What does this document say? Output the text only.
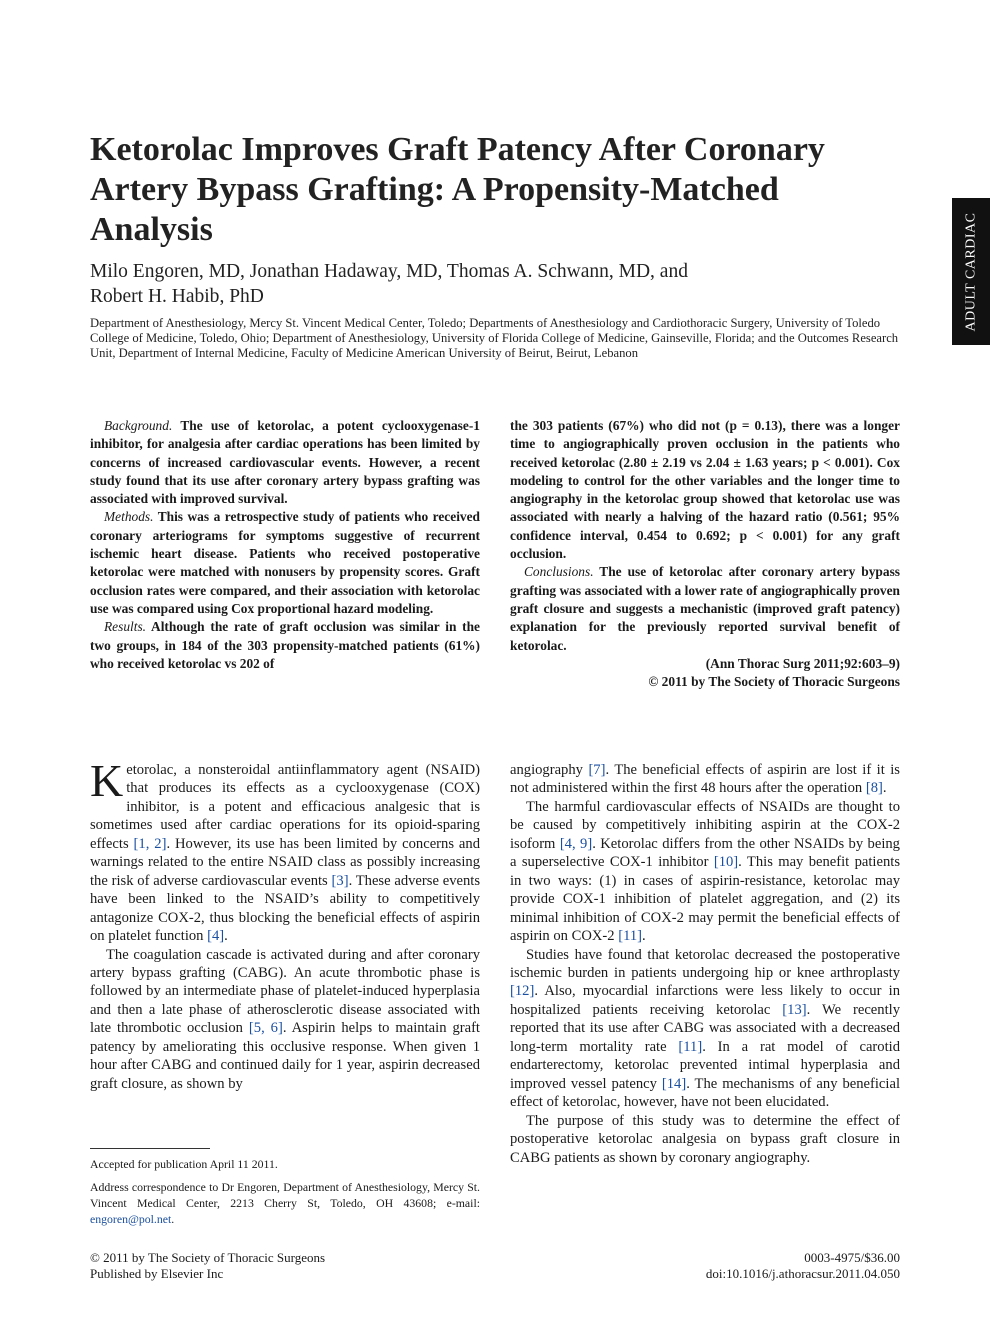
ADULT CARDIAC
Ketorolac Improves Graft Patency After Coronary Artery Bypass Grafting: A Propensity-Matched Analysis

Milo Engoren, MD, Jonathan Hadaway, MD, Thomas A. Schwann, MD, and
Robert H. Habib, PhD

Department of Anesthesiology, Mercy St. Vincent Medical Center, Toledo; Departments of Anesthesiology and Cardiothoracic Surgery, University of Toledo College of Medicine, Toledo, Ohio; Department of Anesthesiology, University of Florida College of Medicine, Gainseville, Florida; and the Outcomes Research Unit, Department of Internal Medicine, Faculty of Medicine American University of Beirut, Beirut, Lebanon

Background. The use of ketorolac, a potent cyclooxygenase-1 inhibitor, for analgesia after cardiac operations has been limited by concerns of increased cardiovascular events. However, a recent study found that its use after coronary artery bypass grafting was associated with improved survival.

Methods. This was a retrospective study of patients who received coronary arteriograms for symptoms suggestive of recurrent ischemic heart disease. Patients who received postoperative ketorolac were matched with nonusers by propensity scores. Graft occlusion rates were compared, and their association with ketorolac use was compared using Cox proportional hazard modeling.

Results. Although the rate of graft occlusion was similar in the two groups, in 184 of the 303 propensity-matched patients (61%) who received ketorolac vs 202 of

the 303 patients (67%) who did not (p = 0.13), there was a longer time to angiographically proven occlusion in the patients who received ketorolac (2.80 ± 2.19 vs 2.04 ± 1.63 years; p < 0.001). Cox modeling to control for the other variables and the longer time to angiography in the ketorolac group showed that ketorolac use was associated with nearly a halving of the hazard ratio (0.561; 95% confidence interval, 0.454 to 0.692; p < 0.001) for any graft occlusion.

Conclusions. The use of ketorolac after coronary artery bypass grafting was associated with a lower rate of angiographically proven graft closure and suggests a mechanistic (improved graft patency) explanation for the previously reported survival benefit of ketorolac.

(Ann Thorac Surg 2011;92:603–9)

© 2011 by The Society of Thoracic Surgeons

Ketorolac, a nonsteroidal antiinflammatory agent (NSAID) that produces its effects as a cyclooxygenase (COX) inhibitor, is a potent and efficacious analgesic that is sometimes used after cardiac operations for its opioid-sparing effects [1, 2]. However, its use has been limited by concerns and warnings related to the entire NSAID class as possibly increasing the risk of adverse cardiovascular events [3]. These adverse events have been linked to the NSAID’s ability to competitively antagonize COX-2, thus blocking the beneficial effects of aspirin on platelet function [4].

The coagulation cascade is activated during and after coronary artery bypass grafting (CABG). An acute thrombotic phase is followed by an intermediate phase of platelet-induced hyperplasia and then a late phase of atherosclerotic disease associated with late thrombotic occlusion [5, 6]. Aspirin helps to maintain graft patency by ameliorating this occlusive response. When given 1 hour after CABG and continued daily for 1 year, aspirin decreased graft closure, as shown by

Accepted for publication April 11 2011.

Address correspondence to Dr Engoren, Department of Anesthesiology, Mercy St. Vincent Medical Center, 2213 Cherry St, Toledo, OH 43608; e-mail: engoren@pol.net.

angiography [7]. The beneficial effects of aspirin are lost if it is not administered within the first 48 hours after the operation [8].

The harmful cardiovascular effects of NSAIDs are thought to be caused by competitively inhibiting aspirin at the COX-2 isoform [4, 9]. Ketorolac differs from the other NSAIDs by being a superselective COX-1 inhibitor [10]. This may benefit patients in two ways: (1) in cases of aspirin-resistance, ketorolac may provide COX-1 inhibition of platelet aggregation, and (2) its minimal inhibition of COX-2 may permit the beneficial effects of aspirin on COX-2 [11].

Studies have found that ketorolac decreased the postoperative ischemic burden in patients undergoing hip or knee arthroplasty [12]. Also, myocardial infarctions were less likely to occur in hospitalized patients receiving ketorolac [13]. We recently reported that its use after CABG was associated with a decreased long-term mortality rate [11]. In a rat model of carotid endarterectomy, ketorolac prevented intimal hyperplasia and improved vessel patency [14]. The mechanisms of any beneficial effect of ketorolac, however, have not been elucidated.

The purpose of this study was to determine the effect of postoperative ketorolac analgesia on bypass graft closure in CABG patients as shown by coronary angiography.

© 2011 by The Society of Thoracic Surgeons
Published by Elsevier Inc
0003-4975/$36.00
doi:10.1016/j.athoracsur.2011.04.050
